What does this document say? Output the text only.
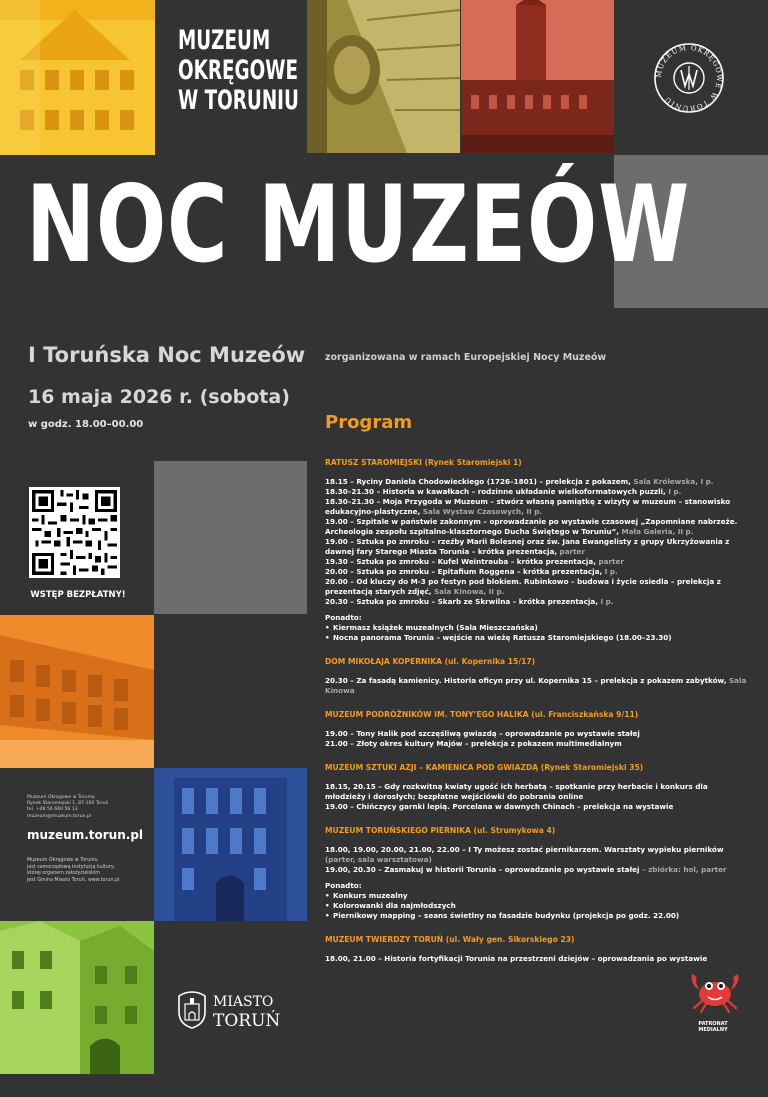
MUZEUM
OKRĘGOWE
W TORUNIU
MUZEUM OKRĘGOWE W TORUNIU
NOC MUZEÓW
I Toruńska Noc Muzeów zorganizowana w ramach Europejskiej Nocy Muzeów
16 maja 2026 r. (sobota)
w godz. 18.00–00.00	Program
WSTĘP BEZPŁATNY!
Muzeum Okręgowe w Toruniu
Rynek Staromiejski 1, 87-100 Toruń
tel. +48 56 660 56 13
muzeum@muzeum.torun.pl
muzeum.torun.pl
Muzeum Okręgowe w Toruniu
jest samorządową instytucją kultury,
której organem założycielskim
jest Gmina Miasto Toruń, www.torun.pl
MIASTO
TORUŃ
RATUSZ STAROMIEJSKI (Rynek Staromiejski 1)
18.15 – Ryciny Daniela Chodowieckiego (1726–1801) – prelekcja z pokazem, Sala Królewska, I p.
18.30–21.30 – Historia w kawałkach – rodzinne układanie wielkoformatowych puzzli, I p.
18.30–21.30 – Moja Przygoda w Muzeum – stwórz własną pamiątkę z wizyty w muzeum – stanowisko edukacyjno-plastyczne, Sala Wystaw Czasowych, II p.
19.00 – Szpitale w państwie zakonnym – oprowadzanie po wystawie czasowej „Zapomniane nabrzeże. Archeologia zespołu szpitalno-klasztornego Ducha Świętego w Toruniu”, Mała Galeria, II p.
19.00 – Sztuka po zmroku – rzeźby Marii Bolesnej oraz św. Jana Ewangelisty z grupy Ukrzyżowania z dawnej fary Starego Miasta Torunia – krótka prezentacja, parter
19.30 – Sztuka po zmroku – Kufel Weintrauba – krótka prezentacja, parter
20.00 – Sztuka po zmroku – Epitafium Roggena – krótka prezentacja, I p.
20.00 – Od kluczy do M-3 po festyn pod blokiem. Rubinkowo – budowa i życie osiedla – prelekcja z prezentacją starych zdjęć, Sala Kinowa, II p.
20.30 – Sztuka po zmroku – Skarb ze Skrwilna – krótka prezentacja, I p.
Ponadto:
• Kiermasz książek muzealnych (Sala Mieszczańska)
• Nocna panorama Torunia – wejście na wieżę Ratusza Staromiejskiego (18.00–23.30)
DOM MIKOŁAJA KOPERNIKA (ul. Kopernika 15/17)
20.30 – Za fasadą kamienicy. Historia oficyn przy ul. Kopernika 15 – prelekcja z pokazem zabytków, Sala Kinowa
MUZEUM PODRÓŻNIKÓW IM. TONY’EGO HALIKA (ul. Franciszkańska 9/11)
19.00 – Tony Halik pod szczęśliwą gwiazdą – oprowadzanie po wystawie stałej
21.00 – Złoty okres kultury Majów – prelekcja z pokazem multimedialnym
MUZEUM SZTUKI AZJI – KAMIENICA POD GWIAZDĄ (Rynek Staromiejski 35)
18.15, 20.15 – Gdy rozkwitną kwiaty ugość ich herbatą – spotkanie przy herbacie i konkurs dla młodzieży i dorosłych; bezpłatne wejściówki do pobrania online
19.00 – Chińczycy garnki lepią. Porcelana w dawnych Chinach – prelekcja na wystawie
MUZEUM TORUŃSKIEGO PIERNIKA (ul. Strumykowa 4)
18.00, 19.00, 20.00, 21.00, 22.00 – I Ty możesz zostać piernikarzem. Warsztaty wypieku pierników (parter, sala warsztatowa)
19.00, 20.30 – Zasmakuj w historii Torunia – oprowadzanie po wystawie stałej – zbiórka: hol, parter
Ponadto:
• Konkurs muzealny
• Kolorowanki dla najmłodszych
• Piernikowy mapping – seans świetlny na fasadzie budynku (projekcja po godz. 22.00)
MUZEUM TWIERDZY TORUŃ (ul. Wały gen. Sikorskiego 23)
18.00, 21.00 – Historia fortyfikacji Torunia na przestrzeni dziejów – oprowadzania po wystawie
PATRONAT MEDIALNY
